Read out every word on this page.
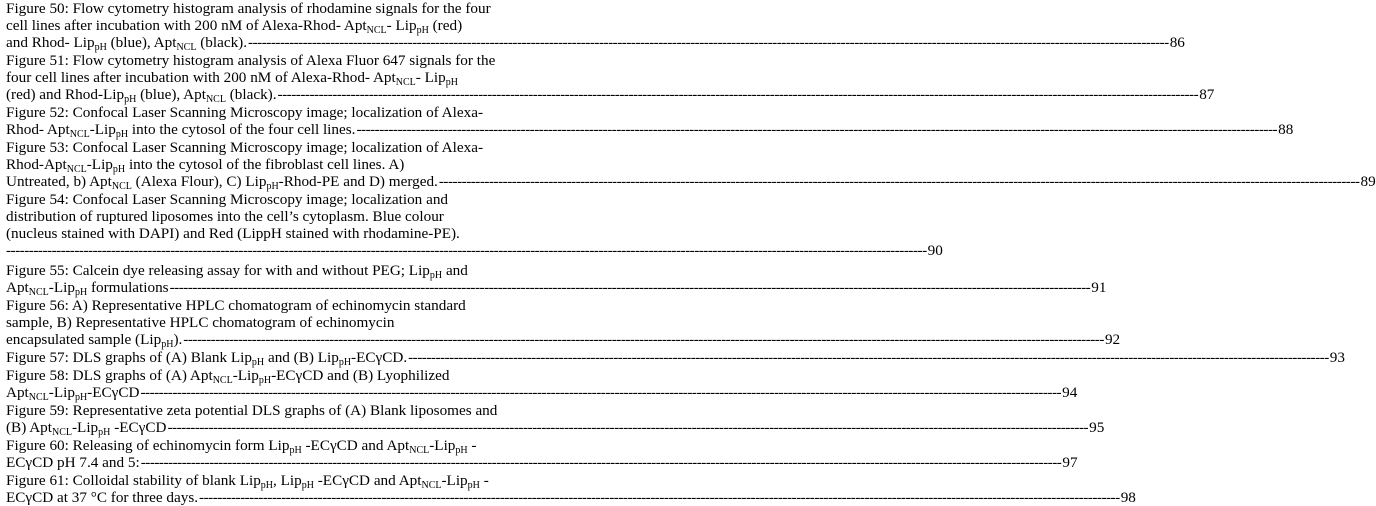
Figure 50: Flow cytometry histogram analysis of rhodamine signals for the four
cell lines after incubation with 200 nM of Alexa-Rhod- Apt$_{NCL}$- Lip$_{pH}$ (red)
and Rhod- Lip$_{pH}$ (blue), Apt$_{NCL}$ (black). -----	86
Figure 51: Flow cytometry histogram analysis of Alexa Fluor 647 signals for the
four cell lines after incubation with 200 nM of Alexa-Rhod- Apt$_{NCL}$- Lip$_{pH}$
(red) and Rhod-Lip$_{pH}$ (blue), Apt$_{NCL}$ (black). -----	87
Figure 52: Confocal Laser Scanning Microscopy image; localization of Alexa-
Rhod- Apt$_{NCL}$-Lip$_{pH}$ into the cytosol of the four cell lines. -----	88
Figure 53: Confocal Laser Scanning Microscopy image; localization of Alexa-
Rhod-Apt$_{NCL}$-Lip$_{pH}$ into the cytosol of the fibroblast cell lines. A)
Untreated, b) Apt$_{NCL}$ (Alexa Flour), C) Lip$_{pH}$-Rhod-PE and D) merged. -----	89
Figure 54: Confocal Laser Scanning Microscopy image; localization and
distribution of ruptured liposomes into the cell’s cytoplasm. Blue colour
(nucleus stained with DAPI) and Red (LippH stained with rhodamine-PE).
-----
90
Figure 55: Calcein dye releasing assay for with and without PEG; Lip$_{pH}$ and
Apt$_{NCL}$-Lip$_{pH}$ formulations -----	91
Figure 56: A) Representative HPLC chomatogram of echinomycin standard
sample, B) Representative HPLC chomatogram of echinomycin
encapsulated sample (Lip$_{pH}$). -----	92
Figure 57: DLS graphs of (A) Blank Lip$_{pH}$ and (B) Lip$_{pH}$-ECγCD. -----	93
Figure 58: DLS graphs of (A) Apt$_{NCL}$-Lip$_{pH}$-ECγCD and (B) Lyophilized
Apt$_{NCL}$-Lip$_{pH}$-ECγCD -----	94
Figure 59: Representative zeta potential DLS graphs of (A) Blank liposomes and
(B) Apt$_{NCL}$-Lip$_{pH}$ -ECγCD -----	95
Figure 60: Releasing of echinomycin form Lip$_{pH}$ -ECγCD and Apt$_{NCL}$-Lip$_{pH}$ -
ECγCD pH 7.4 and 5: -----	97
Figure 61: Colloidal stability of blank Lip$_{pH}$, Lip$_{pH}$ -ECγCD and Apt$_{NCL}$-Lip$_{pH}$ -
ECγCD at 37 °C for three days. -----	98
